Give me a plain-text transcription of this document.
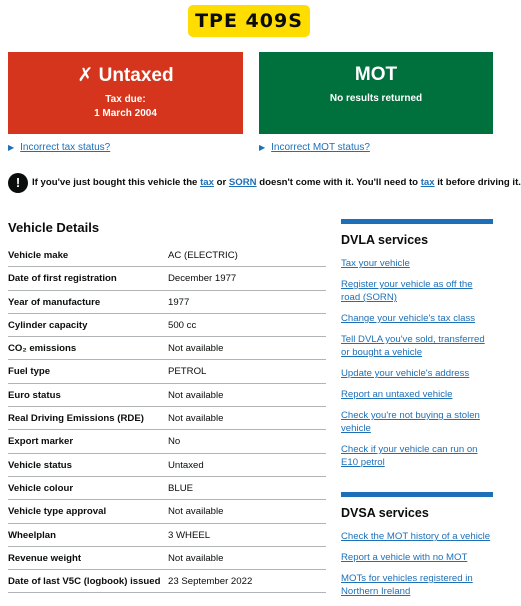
TPE 409S
✗ Untaxed
Tax due:
1 March 2004
MOT
No results returned
▶ Incorrect tax status?	▶ Incorrect MOT status?
!	If you've just bought this vehicle the tax or SORN doesn't come with it. You'll need to tax it before driving it.
Vehicle Details
Vehicle make	AC (ELECTRIC)
Date of first registration	December 1977
Year of manufacture	1977
Cylinder capacity	500 cc
CO₂ emissions	Not available
Fuel type	PETROL
Euro status	Not available
Real Driving Emissions (RDE)	Not available
Export marker	No
Vehicle status	Untaxed
Vehicle colour	BLUE
Vehicle type approval	Not available
Wheelplan	3 WHEEL
Revenue weight	Not available
Date of last V5C (logbook) issued 23 September 2022
DVLA services
Tax your vehicle
Register your vehicle as off the road (SORN)
Change your vehicle's tax class
Tell DVLA you've sold, transferred or bought a vehicle
Update your vehicle's address
Report an untaxed vehicle
Check you're not buying a stolen vehicle
Check if your vehicle can run on E10 petrol
DVSA services
Check the MOT history of a vehicle
Report a vehicle with no MOT
MOTs for vehicles registered in Northern Ireland
